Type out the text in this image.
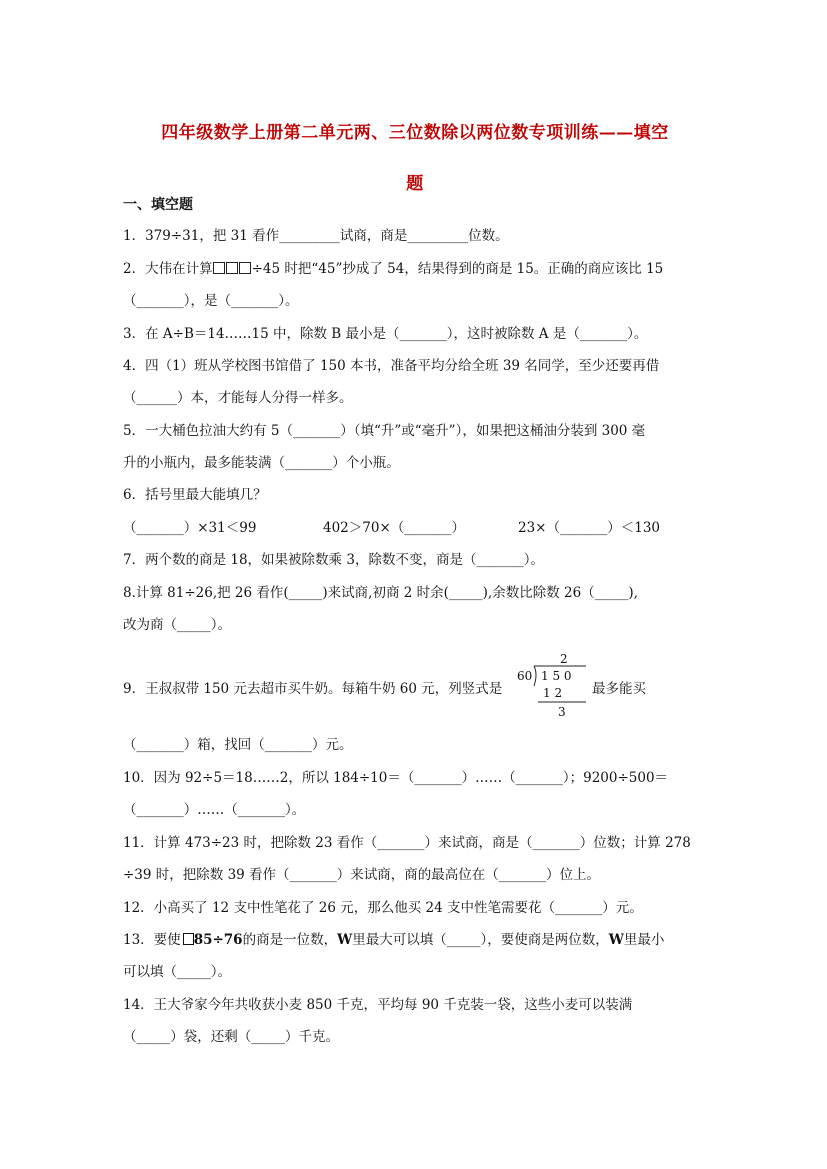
四年级数学上册第二单元两、三位数除以两位数专项训练——填空
题
一、填空题
1．379÷31，把 31 看作_________试商，商是_________位数。
2．大伟在计算	÷45 时把“45”抄成了 54，结果得到的商是 15。正确的商应该比 15
（_______），是（_______）。
3．在 A÷B＝14……15 中，除数 B 最小是（_______），这时被除数 A 是（_______）。
4．四（1）班从学校图书馆借了 150 本书，准备平均分给全班 39 名同学，至少还要再借
（______）本，才能每人分得一样多。
5．一大桶色拉油大约有 5（_______）（填“升”或“毫升”），如果把这桶油分装到 300 毫
升的小瓶内，最多能装满（_______）个小瓶。
6．括号里最大能填几？
（_______）×31＜99	402＞70×（_______）	23×（_______）＜130
7．两个数的商是 18，如果被除数乘 3，除数不变，商是（_______）。
8.计算 81÷26,把 26 看作(_____)来试商,初商 2 时余(_____),余数比除数 26（_____),
改为商（_____）。
9．王叔叔带 150 元去超市买牛奶。每箱牛奶 60 元，列竖式是
2
60 1 5 0
1 2
3
最多能买
（_______）箱，找回（_______）元。
10．因为 92÷5＝18……2，所以 184÷10＝（_______）……（_______）；9200÷500＝
（_______）……（_______）。
11．计算 473÷23 时，把除数 23 看作（_______）来试商，商是（_______）位数；计算 278
÷39 时，把除数 39 看作（_______）来试商，商的最高位在（_______）位上。
12．小高买了 12 支中性笔花了 26 元，那么他买 24 支中性笔需要花（_______）元。
13．要使 85÷76的商是一位数，W里最大可以填（_____），要使商是两位数，W里最小
可以填（_____）。
14．王大爷家今年共收获小麦 850 千克，平均每 90 千克装一袋，这些小麦可以装满
（_____）袋，还剩（_____）千克。
